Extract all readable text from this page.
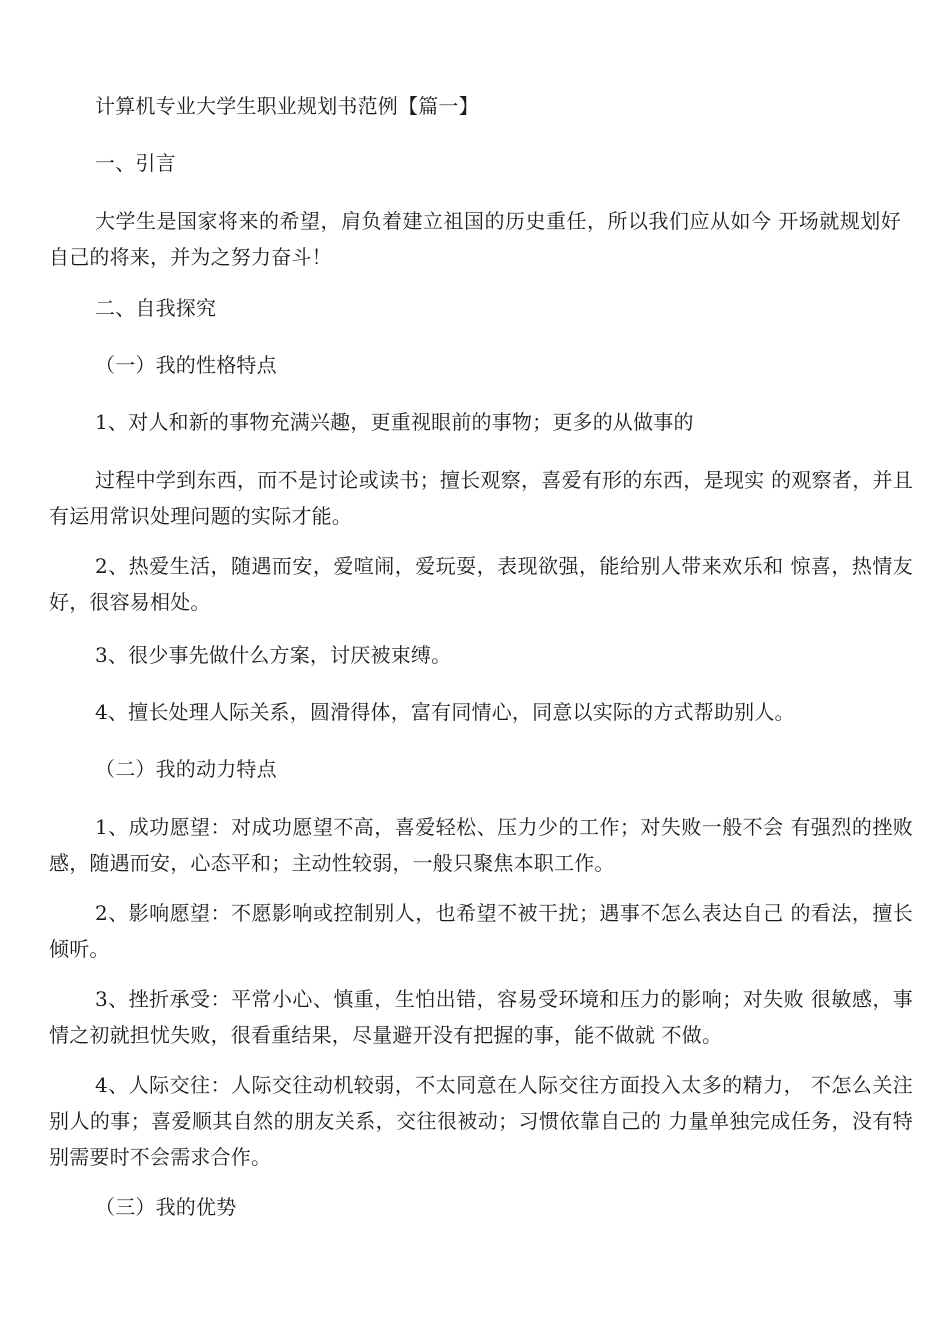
计算机专业大学生职业规划书范例【篇一】
一、引言
大学生是国家将来的希望，肩负着建立祖国的历史重任，所以我们应从如今 开场就规划好自己的将来，并为之努力奋斗！
二、自我探究
（一）我的性格特点
1、对人和新的事物充满兴趣，更重视眼前的事物；更多的从做事的
过程中学到东西，而不是讨论或读书；擅长观察，喜爱有形的东西，是现实 的观察者，并且有运用常识处理问题的实际才能。
2、热爱生活，随遇而安，爱喧闹，爱玩耍，表现欲强，能给别人带来欢乐和 惊喜，热情友好，很容易相处。
3、很少事先做什么方案，讨厌被束缚。
4、擅长处理人际关系，圆滑得体，富有同情心，同意以实际的方式帮助别人。
（二）我的动力特点
1、成功愿望：对成功愿望不高，喜爱轻松、压力少的工作；对失败一般不会 有强烈的挫败感，随遇而安，心态平和；主动性较弱，一般只聚焦本职工作。
2、影响愿望：不愿影响或控制别人，也希望不被干扰；遇事不怎么表达自己 的看法，擅长倾听。
3、挫折承受：平常小心、慎重，生怕出错，容易受环境和压力的影响；对失败 很敏感，事情之初就担忧失败，很看重结果，尽量避开没有把握的事，能不做就 不做。
4、人际交往：人际交往动机较弱，不太同意在人际交往方面投入太多的精力， 不怎么关注别人的事；喜爱顺其自然的朋友关系，交往很被动；习惯依靠自己的 力量单独完成任务，没有特别需要时不会需求合作。
（三）我的优势
